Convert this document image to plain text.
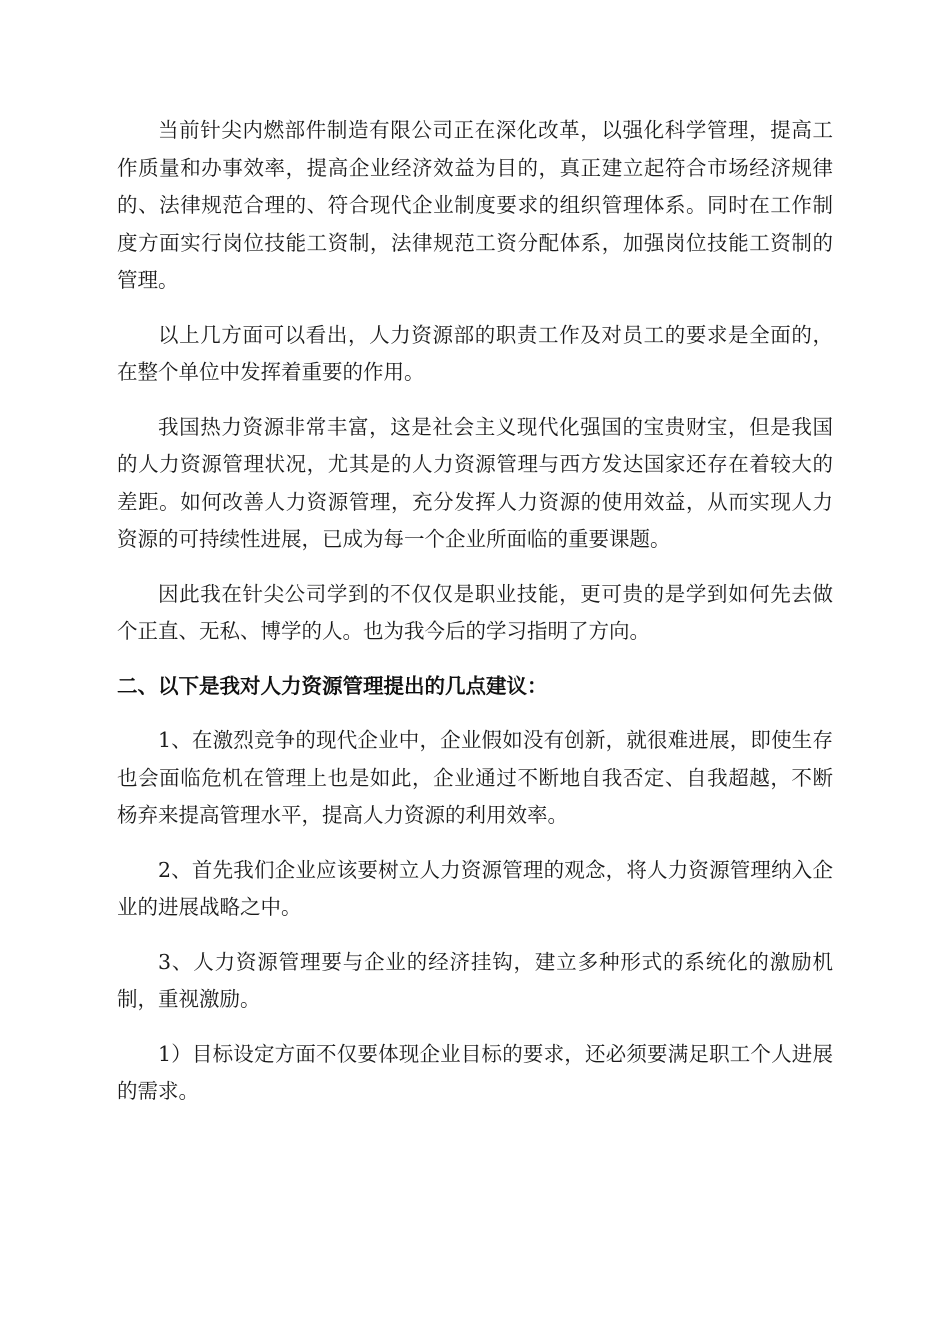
当前针尖内燃部件制造有限公司正在深化改革，以强化科学管理，提高工作质量和办事效率，提高企业经济效益为目的，真正建立起符合市场经济规律的、法律规范合理的、符合现代企业制度要求的组织管理体系。同时在工作制度方面实行岗位技能工资制，法律规范工资分配体系，加强岗位技能工资制的管理。

以上几方面可以看出，人力资源部的职责工作及对员工的要求是全面的，在整个单位中发挥着重要的作用。

我国热力资源非常丰富，这是社会主义现代化强国的宝贵财宝，但是我国的人力资源管理状况，尤其是的人力资源管理与西方发达国家还存在着较大的差距。如何改善人力资源管理，充分发挥人力资源的使用效益，从而实现人力资源的可持续性进展，已成为每一个企业所面临的重要课题。

因此我在针尖公司学到的不仅仅是职业技能，更可贵的是学到如何先去做个正直、无私、博学的人。也为我今后的学习指明了方向。

二、以下是我对人力资源管理提出的几点建议：

1、在激烈竞争的现代企业中，企业假如没有创新，就很难进展，即使生存也会面临危机在管理上也是如此，企业通过不断地自我否定、自我超越，不断杨弃来提高管理水平，提高人力资源的利用效率。

2、首先我们企业应该要树立人力资源管理的观念，将人力资源管理纳入企业的进展战略之中。

3、人力资源管理要与企业的经济挂钩，建立多种形式的系统化的激励机制，重视激励。

1）目标设定方面不仅要体现企业目标的要求，还必须要满足职工个人进展的需求。
